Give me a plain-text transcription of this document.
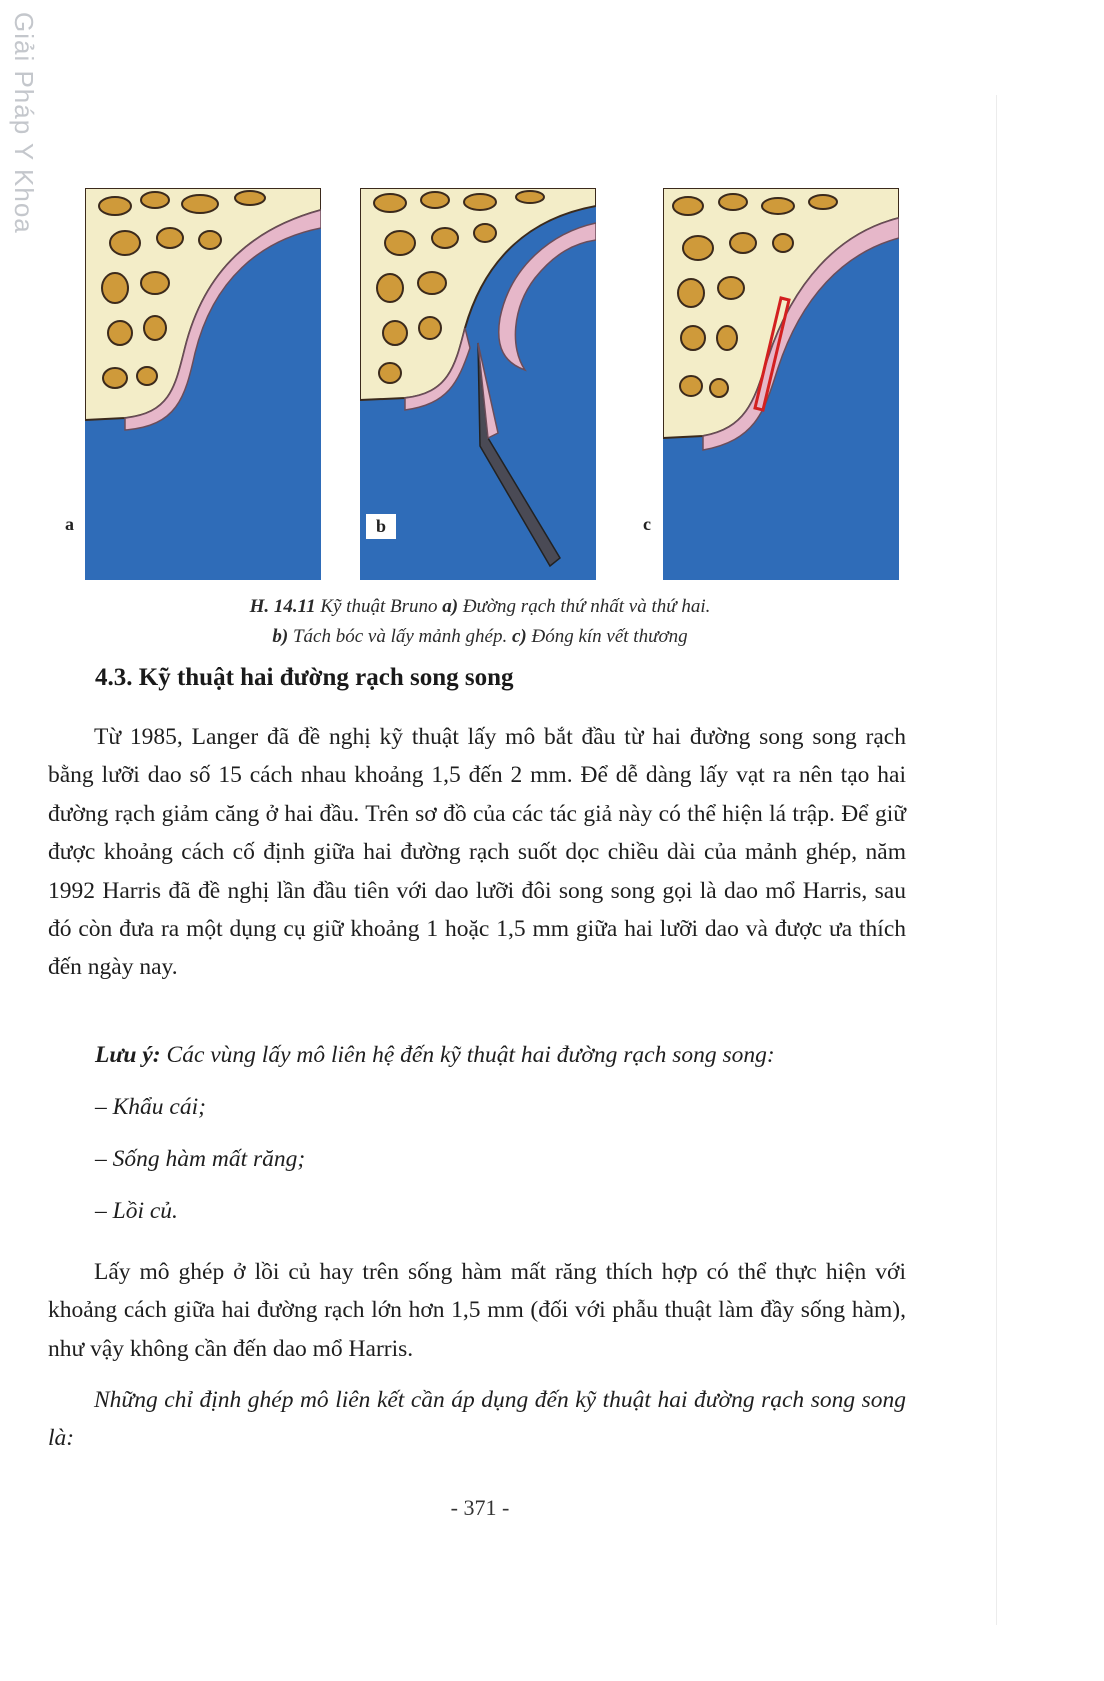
Giải Pháp Y Khoa
a	b	c
H. 14.11 Kỹ thuật Bruno a) Đường rạch thứ nhất và thứ hai.
b) Tách bóc và lấy mảnh ghép. c) Đóng kín vết thương
4.3. Kỹ thuật hai đường rạch song song

Từ 1985, Langer đã đề nghị kỹ thuật lấy mô bắt đầu từ hai đường song song rạch bằng lưỡi dao số 15 cách nhau khoảng 1,5 đến 2 mm. Để dễ dàng lấy vạt ra nên tạo hai đường rạch giảm căng ở hai đầu. Trên sơ đồ của các tác giả này có thể hiện lá trập. Để giữ được khoảng cách cố định giữa hai đường rạch suốt dọc chiều dài của mảnh ghép, năm 1992 Harris đã đề nghị lần đầu tiên với dao lưỡi đôi song song gọi là dao mổ Harris, sau đó còn đưa ra một dụng cụ giữ khoảng 1 hoặc 1,5 mm giữa hai lưỡi dao và được ưa thích đến ngày nay.

Lưu ý: Các vùng lấy mô liên hệ đến kỹ thuật hai đường rạch song song:
– Khẩu cái;
– Sống hàm mất răng;
– Lồi củ.

Lấy mô ghép ở lồi củ hay trên sống hàm mất răng thích hợp có thể thực hiện với khoảng cách giữa hai đường rạch lớn hơn 1,5 mm (đối với phẫu thuật làm đầy sống hàm), như vậy không cần đến dao mổ Harris.

Những chỉ định ghép mô liên kết cần áp dụng đến kỹ thuật hai đường rạch song song là:

- 371 -
